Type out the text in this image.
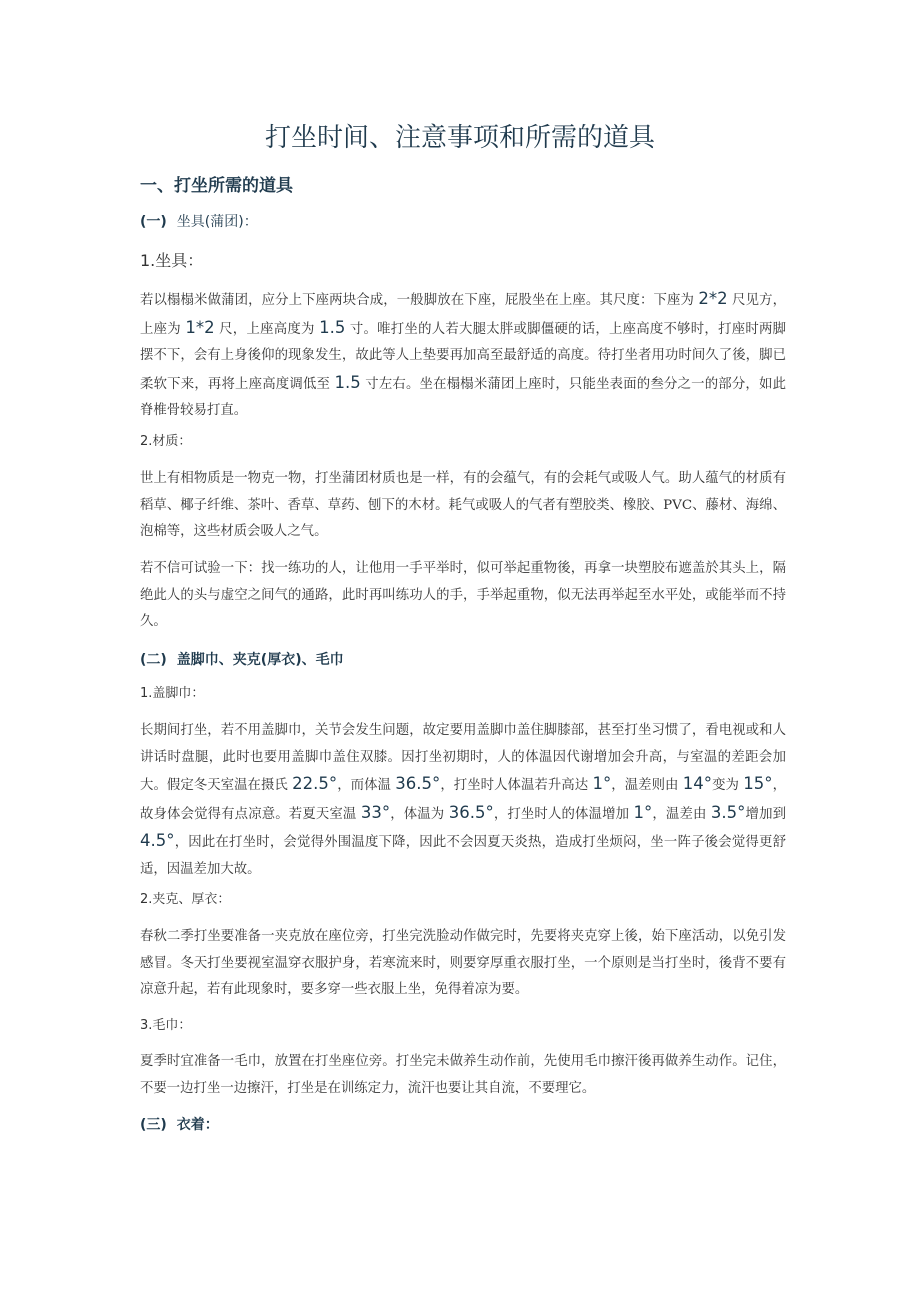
打坐时间、注意事项和所需的道具
一、打坐所需的道具
(一) 坐具(蒲团)：
1.坐具：

若以榻榻米做蒲团，应分上下座两块合成，一般脚放在下座，屁股坐在上座。其尺度：下座为 2*2 尺见方，上座为 1*2 尺，上座高度为 1.5 寸。唯打坐的人若大腿太胖或脚僵硬的话，上座高度不够时，打座时两脚摆不下，会有上身後仰的现象发生，故此等人上垫要再加高至最舒适的高度。待打坐者用功时间久了後，脚已柔软下来，再将上座高度调低至 1.5 寸左右。坐在榻榻米蒲团上座时，只能坐表面的叁分之一的部分，如此脊椎骨较易打直。

2.材质：

世上有相物质是一物克一物，打坐蒲团材质也是一样，有的会蕴气，有的会耗气或吸人气。助人蕴气的材质有稻草、椰子纤维、茶叶、香草、草药、刨下的木材。耗气或吸人的气者有塑胶类、橡胶、PVC、藤材、海绵、泡棉等，这些材质会吸人之气。

若不信可试验一下：找一练功的人，让他用一手平举时，似可举起重物後，再拿一块塑胶布遮盖於其头上，隔绝此人的头与虚空之间气的通路，此时再叫练功人的手，手举起重物，似无法再举起至水平处，或能举而不持久。

(二) 盖脚巾、夹克(厚衣)、毛巾
1.盖脚巾：

长期间打坐，若不用盖脚巾，关节会发生问题，故定要用盖脚巾盖住脚膝部，甚至打坐习惯了，看电视或和人讲话时盘腿，此时也要用盖脚巾盖住双膝。因打坐初期时，人的体温因代谢增加会升高，与室温的差距会加大。假定冬天室温在摄氏 22.5°，而体温 36.5°，打坐时人体温若升高达 1°，温差则由 14°变为 15°，故身体会觉得有点凉意。若夏天室温 33°，体温为 36.5°，打坐时人的体温增加 1°，温差由 3.5°增加到 4.5°，因此在打坐时，会觉得外围温度下降，因此不会因夏天炎热，造成打坐烦闷，坐一阵子後会觉得更舒适，因温差加大故。

2.夹克、厚衣：

春秋二季打坐要准备一夹克放在座位旁，打坐完洗脸动作做完时，先要将夹克穿上後，始下座活动，以免引发感冒。冬天打坐要视室温穿衣服护身，若寒流来时，则要穿厚重衣服打坐，一个原则是当打坐时，後背不要有凉意升起，若有此现象时，要多穿一些衣服上坐，免得着凉为要。

3.毛巾：

夏季时宜准备一毛巾，放置在打坐座位旁。打坐完未做养生动作前，先使用毛巾擦汗後再做养生动作。记住，不要一边打坐一边擦汗，打坐是在训练定力，流汗也要让其自流，不要理它。

(三) 衣着：
